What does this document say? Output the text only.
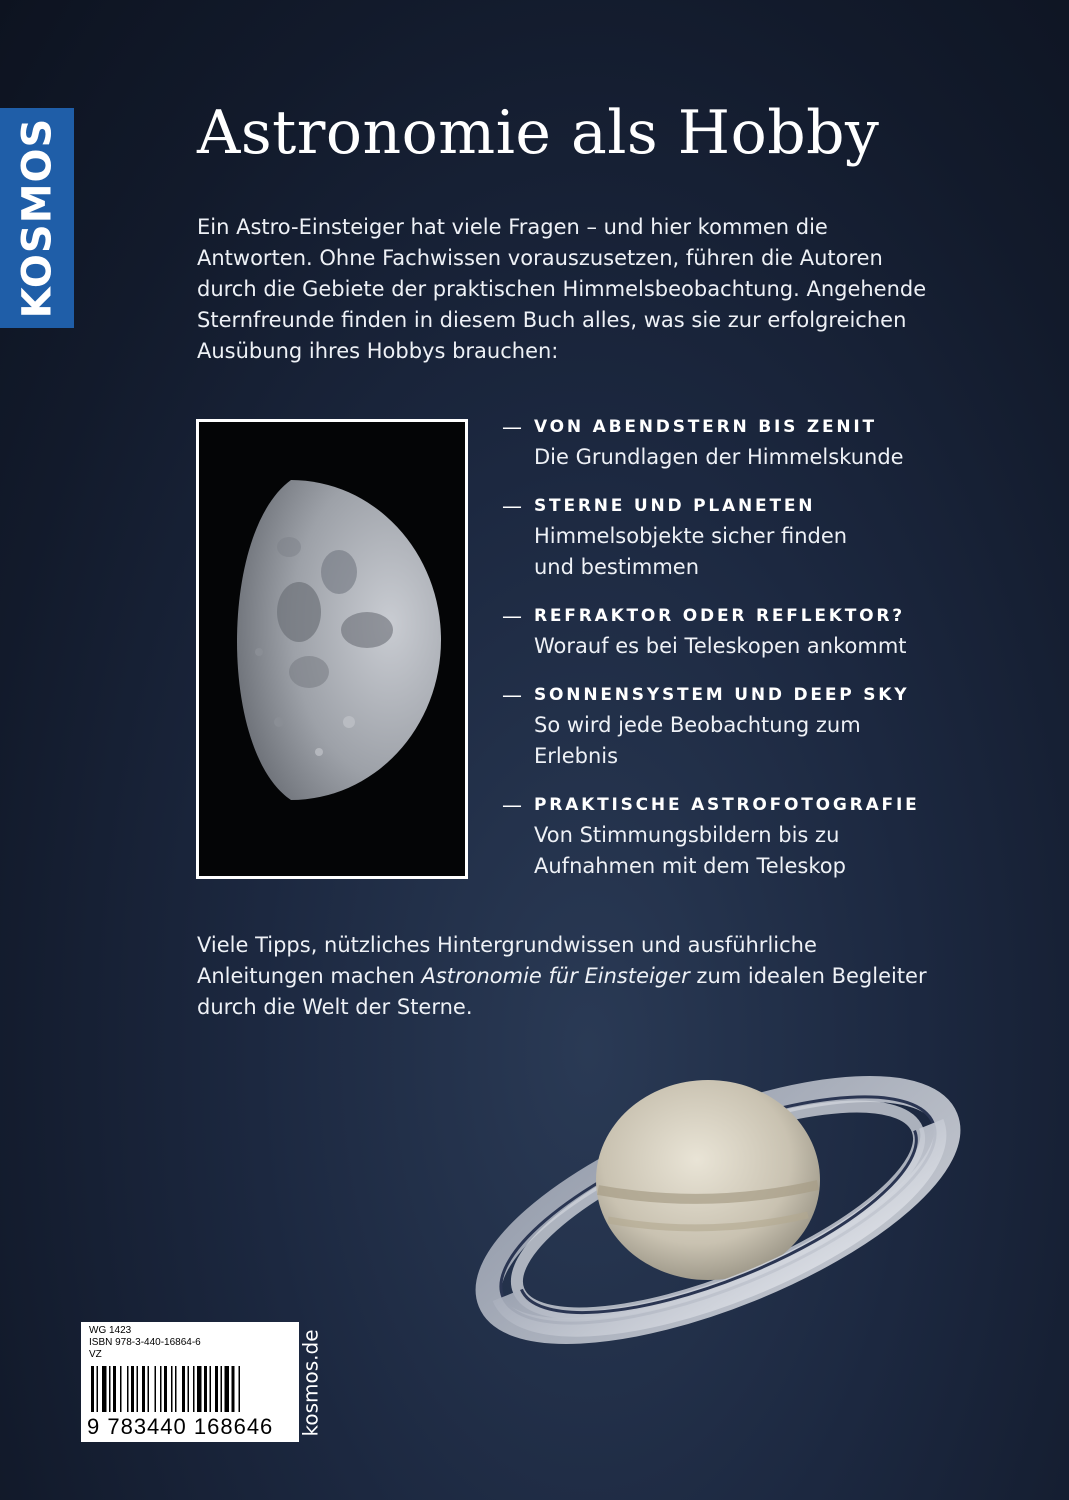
KOSMOS Astronomie als Hobby

Ein Astro-Einsteiger hat viele Fragen – und hier kommen die Antworten. Ohne Fachwissen vorauszusetzen, führen die Autoren durch die Gebiete der praktischen Himmelsbeobachtung. Angehende Sternfreunde finden in diesem Buch alles, was sie zur erfolgreichen Ausübung ihres Hobbys brauchen:

— VON ABENDSTERN BIS ZENIT
Die Grundlagen der Himmelskunde
— STERNE UND PLANETEN
Himmelsobjekte sicher finden und bestimmen
— REFRAKTOR ODER REFLEKTOR?
Worauf es bei Teleskopen ankommt
— SONNENSYSTEM UND DEEP SKY
So wird jede Beobachtung zum Erlebnis
— PRAKTISCHE ASTROFOTOGRAFIE
Von Stimmungsbildern bis zu Aufnahmen mit dem Teleskop

Viele Tipps, nützliches Hintergrundwissen und ausführliche Anleitungen machen Astronomie für Einsteiger zum idealen Begleiter durch die Welt der Sterne.

WG 1423
ISBN 978-3-440-16864-6
VZ
9 783440 168646	kosmos.de
